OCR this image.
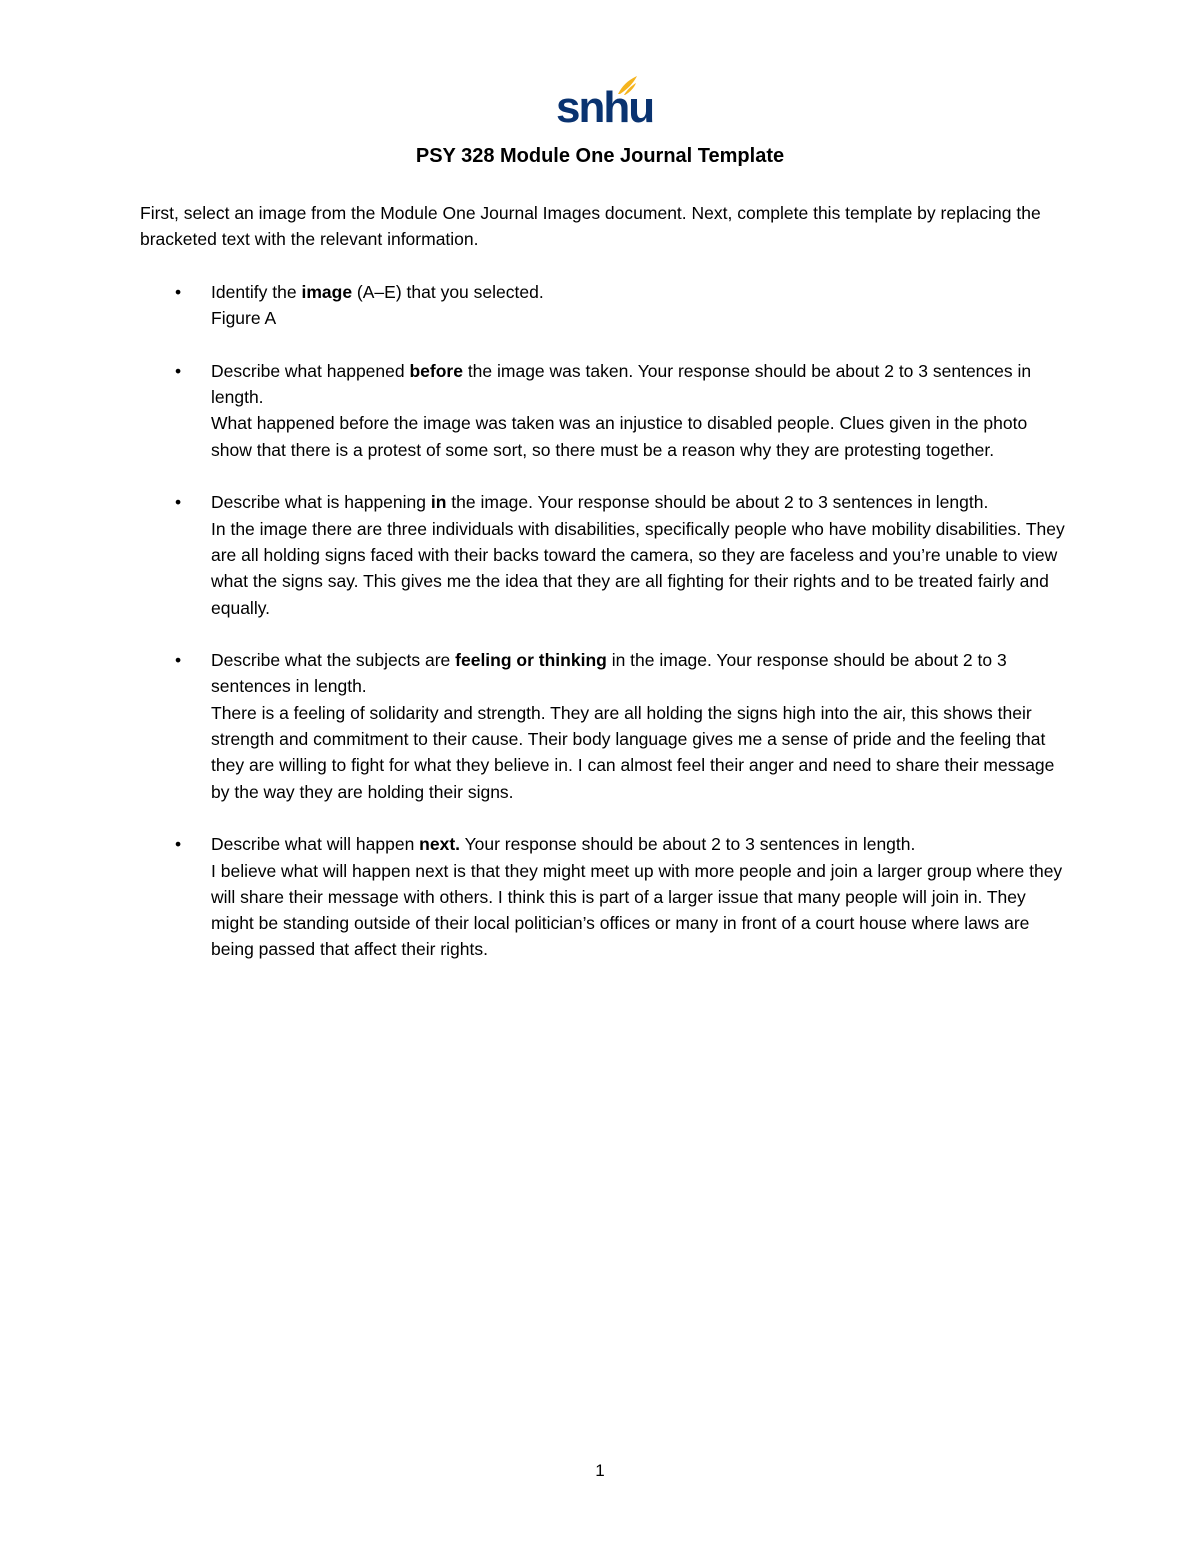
snhu
PSY 328 Module One Journal Template

First, select an image from the Module One Journal Images document. Next, complete this template by replacing the bracketed text with the relevant information.

• Identify the image (A–E) that you selected.
Figure A
• Describe what happened before the image was taken. Your response should be about 2 to 3 sentences in length.
What happened before the image was taken was an injustice to disabled people. Clues given in the photo show that there is a protest of some sort, so there must be a reason why they are protesting together.
• Describe what is happening in the image. Your response should be about 2 to 3 sentences in length.
In the image there are three individuals with disabilities, specifically people who have mobility disabilities. They are all holding signs faced with their backs toward the camera, so they are faceless and you’re unable to view what the signs say. This gives me the idea that they are all fighting for their rights and to be treated fairly and equally.
• Describe what the subjects are feeling or thinking in the image. Your response should be about 2 to 3 sentences in length.
There is a feeling of solidarity and strength. They are all holding the signs high into the air, this shows their strength and commitment to their cause. Their body language gives me a sense of pride and the feeling that they are willing to fight for what they believe in. I can almost feel their anger and need to share their message by the way they are holding their signs.
• Describe what will happen next. Your response should be about 2 to 3 sentences in length.
I believe what will happen next is that they might meet up with more people and join a larger group where they will share their message with others. I think this is part of a larger issue that many people will join in. They might be standing outside of their local politician’s offices or many in front of a court house where laws are being passed that affect their rights.
1
